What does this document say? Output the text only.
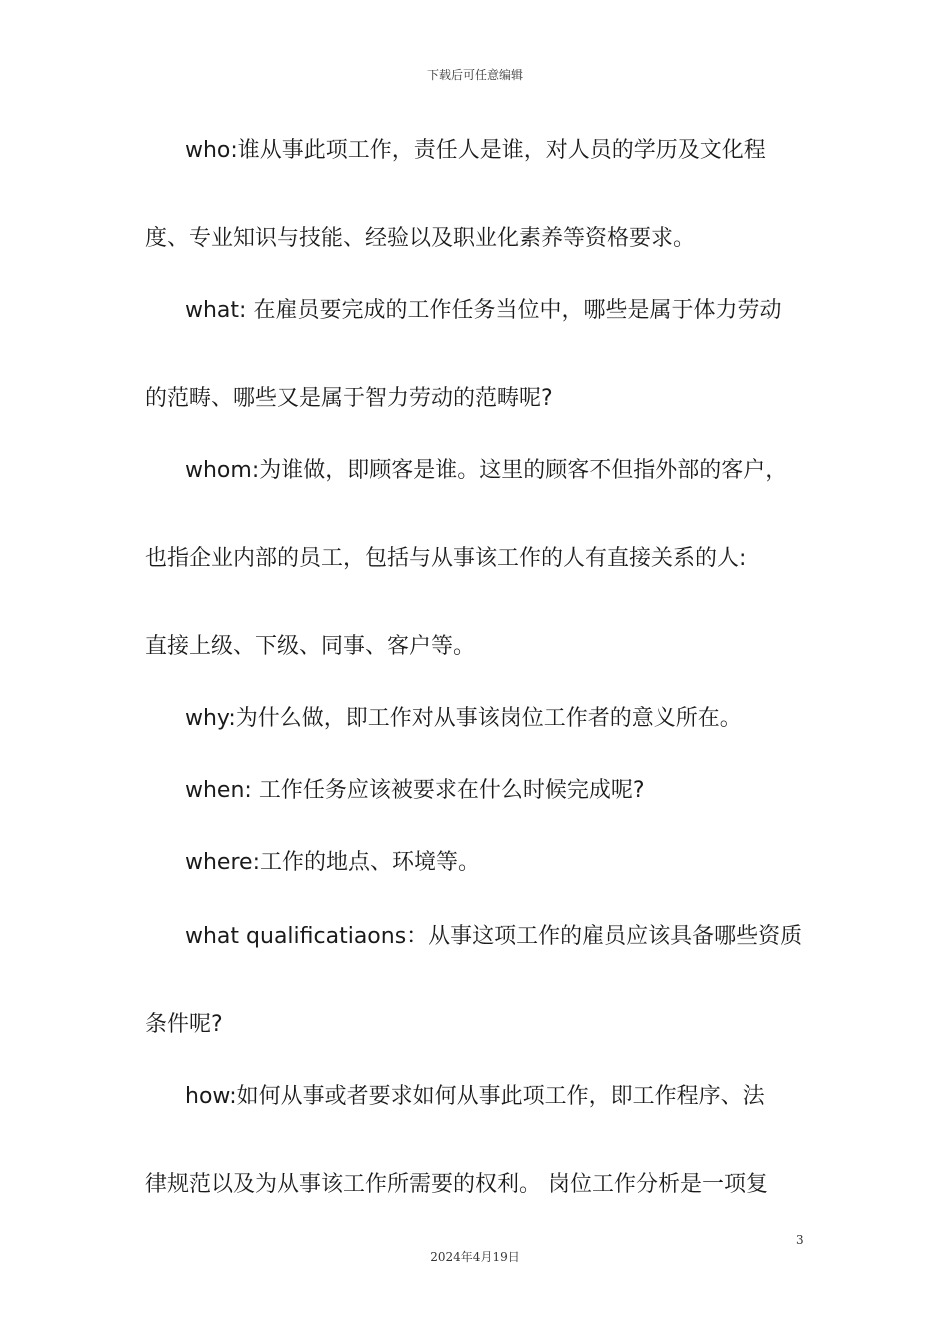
下载后可任意编辑
who:谁从事此项工作，责任人是谁，对人员的学历及文化程
度、专业知识与技能、经验以及职业化素养等资格要求。
what: 在雇员要完成的工作任务当位中，哪些是属于体力劳动
的范畴、哪些又是属于智力劳动的范畴呢?
whom:为谁做，即顾客是谁。这里的顾客不但指外部的客户，
也指企业内部的员工，包括与从事该工作的人有直接关系的人:
直接上级、下级、同事、客户等。
why:为什么做，即工作对从事该岗位工作者的意义所在。
when: 工作任务应该被要求在什么时候完成呢?
where:工作的地点、环境等。
what qualificatiaons：从事这项工作的雇员应该具备哪些资质
条件呢?
how:如何从事或者要求如何从事此项工作，即工作程序、法
律规范以及为从事该工作所需要的权利。 岗位工作分析是一项复
3
2024年4月19日
